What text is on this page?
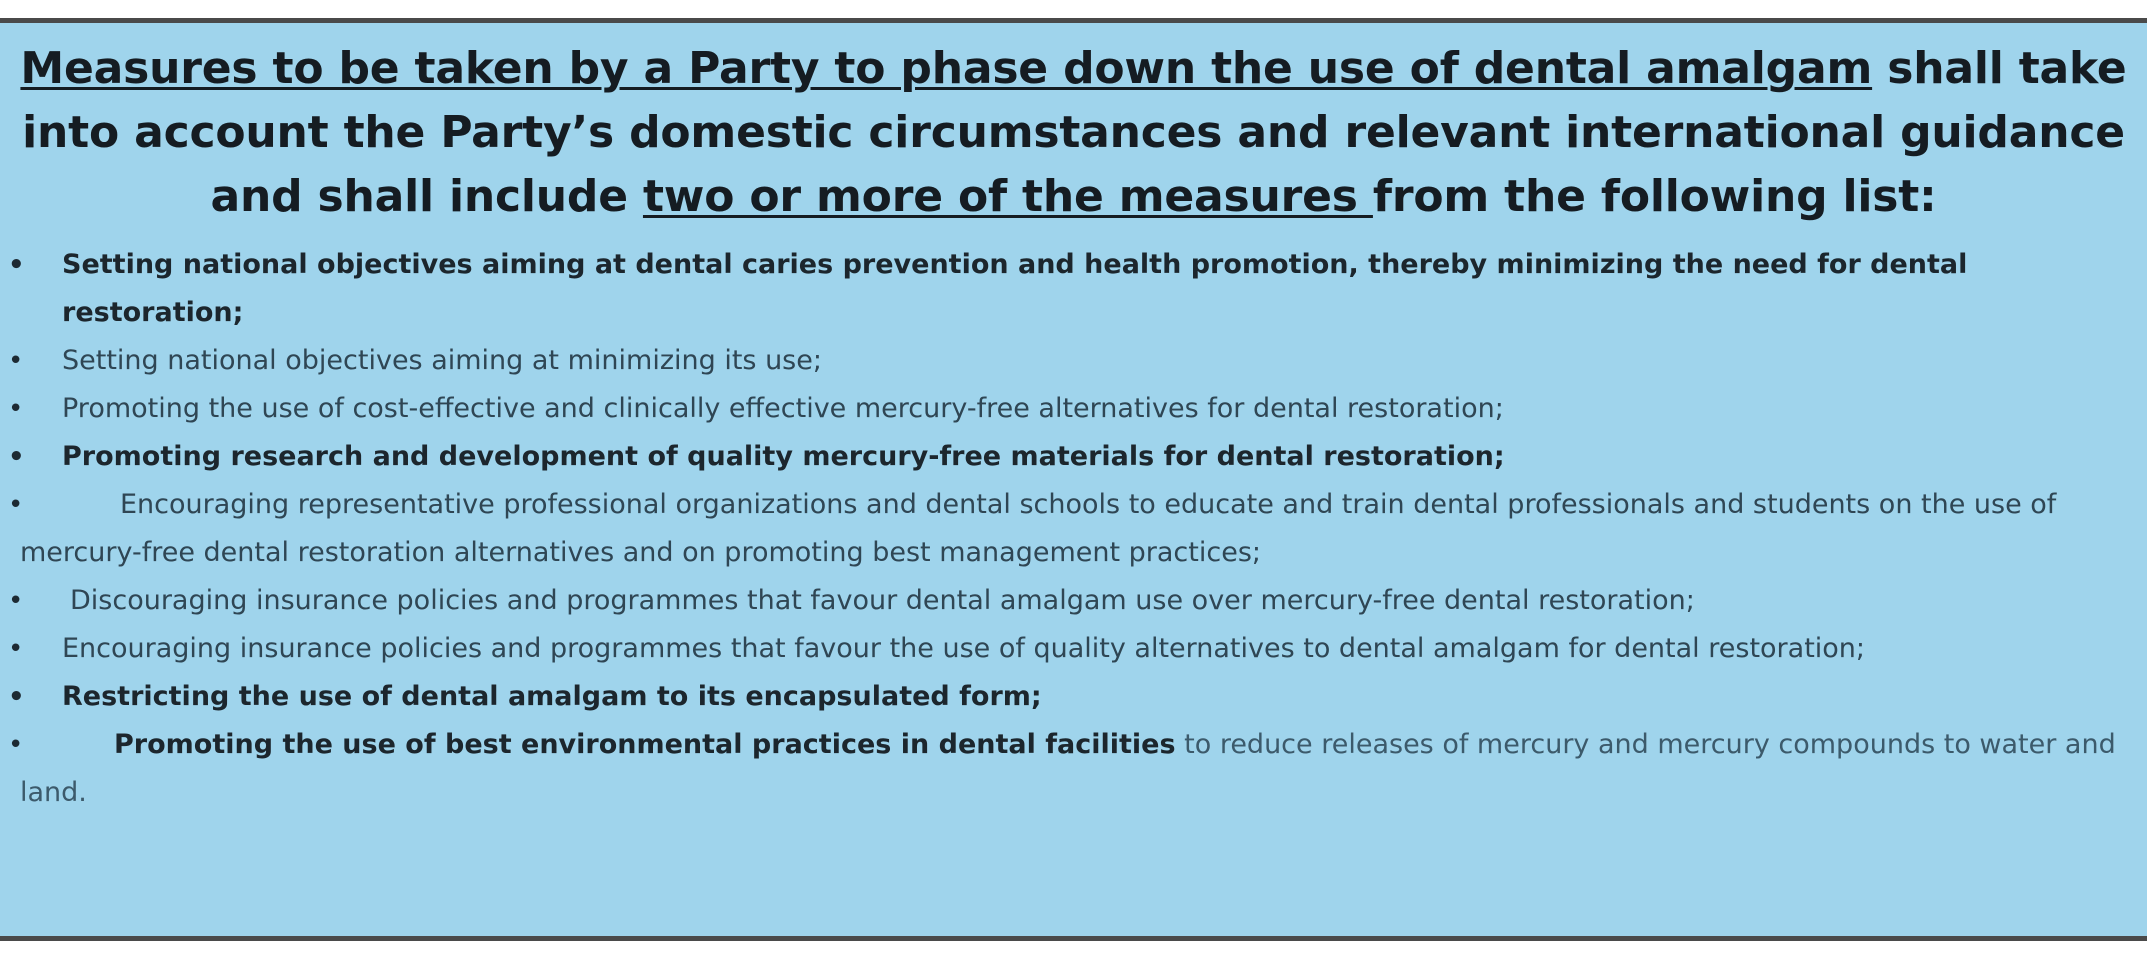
Measures to be taken by a Party to phase down the use of dental amalgam shall take into account the Party’s domestic circumstances and relevant international guidance and shall include two or more of the measures from the following list:
• Setting national objectives aiming at dental caries prevention and health promotion, thereby minimizing the need for dental restoration;
• Setting national objectives aiming at minimizing its use;
• Promoting the use of cost-effective and clinically effective mercury-free alternatives for dental restoration;
• Promoting research and development of quality mercury-free materials for dental restoration;
•	Encouraging representative professional organizations and dental schools to educate and train dental professionals and students on the use of mercury-free dental restoration alternatives and on promoting best management practices;
• Discouraging insurance policies and programmes that favour dental amalgam use over mercury-free dental restoration;
• Encouraging insurance policies and programmes that favour the use of quality alternatives to dental amalgam for dental restoration;
• Restricting the use of dental amalgam to its encapsulated form;
•	Promoting the use of best environmental practices in dental facilities to reduce releases of mercury and mercury compounds to water and land.
